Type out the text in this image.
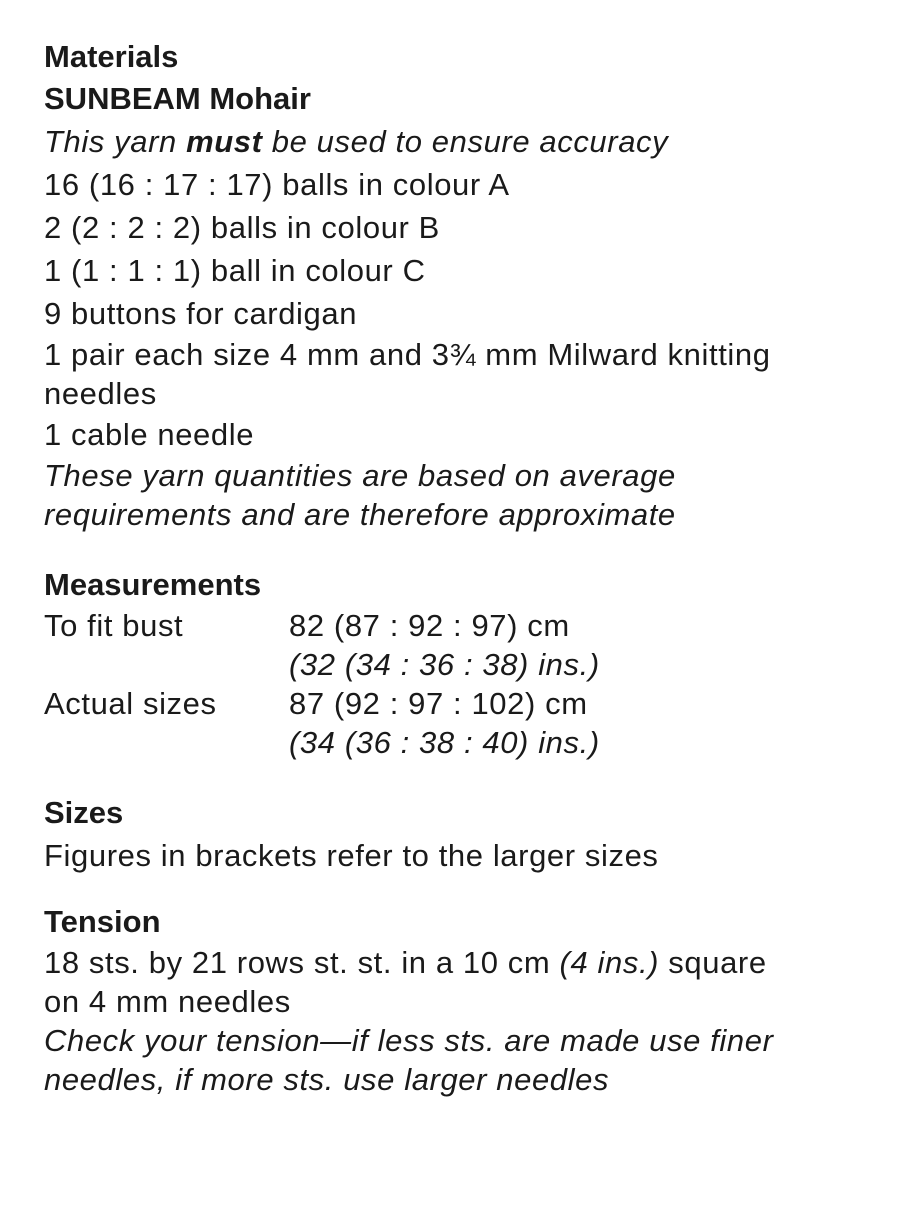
Materials

SUNBEAM Mohair

This yarn must be used to ensure accuracy

16 (16 : 17 : 17) balls in colour A

2 (2 : 2 : 2) balls in colour B

1 (1 : 1 : 1) ball in colour C

9 buttons for cardigan

1 pair each size 4 mm and 3¾ mm Milward knitting

needles

1 cable needle

These yarn quantities are based on average

requirements and are therefore approximate

Measurements

To fit bust	82 (87 : 92 : 97) cm
	(32 (34 : 36 : 38) ins.)
Actual sizes	87 (92 : 97 : 102) cm
	(34 (36 : 38 : 40) ins.)

Sizes

Figures in brackets refer to the larger sizes

Tension

18 sts. by 21 rows st. st. in a 10 cm (4 ins.) square

on 4 mm needles

Check your tension—if less sts. are made use finer

needles, if more sts. use larger needles
